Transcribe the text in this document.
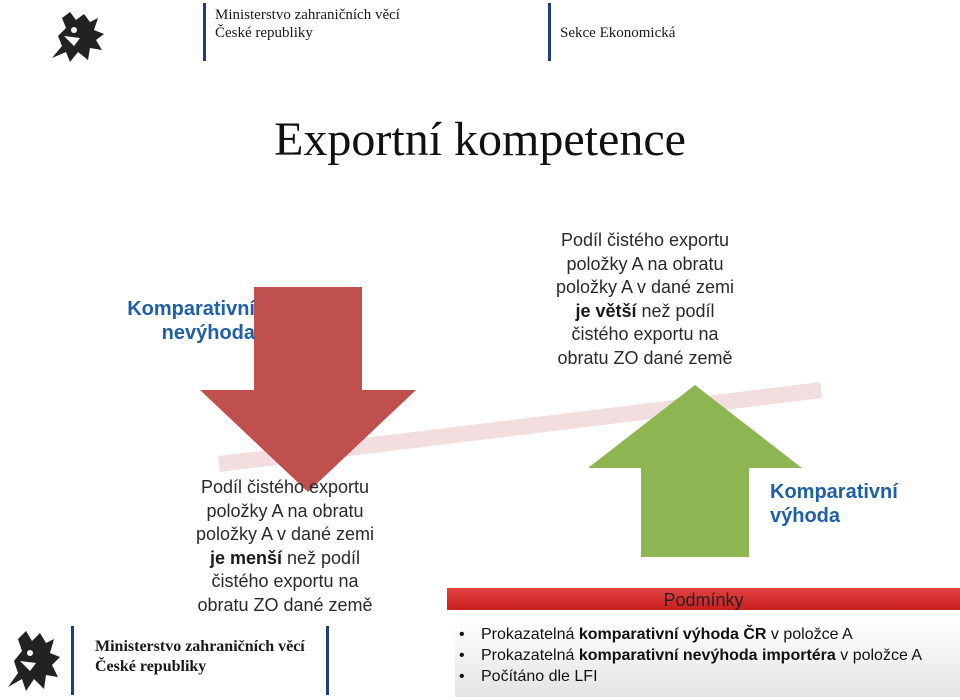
Ministerstvo zahraničních věcí
České republiky	Sekce Ekonomická
Exportní kompetence
Komparativní
nevýhoda
Komparativní
výhoda
Podíl čistého exportu
položky A na obratu
položky A v dané zemi
je větší než podíl
čistého exportu na
obratu ZO dané země
Podíl čistého exportu
položky A na obratu
položky A v dané zemi
je menší než podíl
čistého exportu na
obratu ZO dané země	Podmínky
• Prokazatelná komparativní výhoda ČR v položce A
• Prokazatelná komparativní nevýhoda importéra v položce A
• Počítáno dle LFI
Ministerstvo zahraničních věcí
České republiky
